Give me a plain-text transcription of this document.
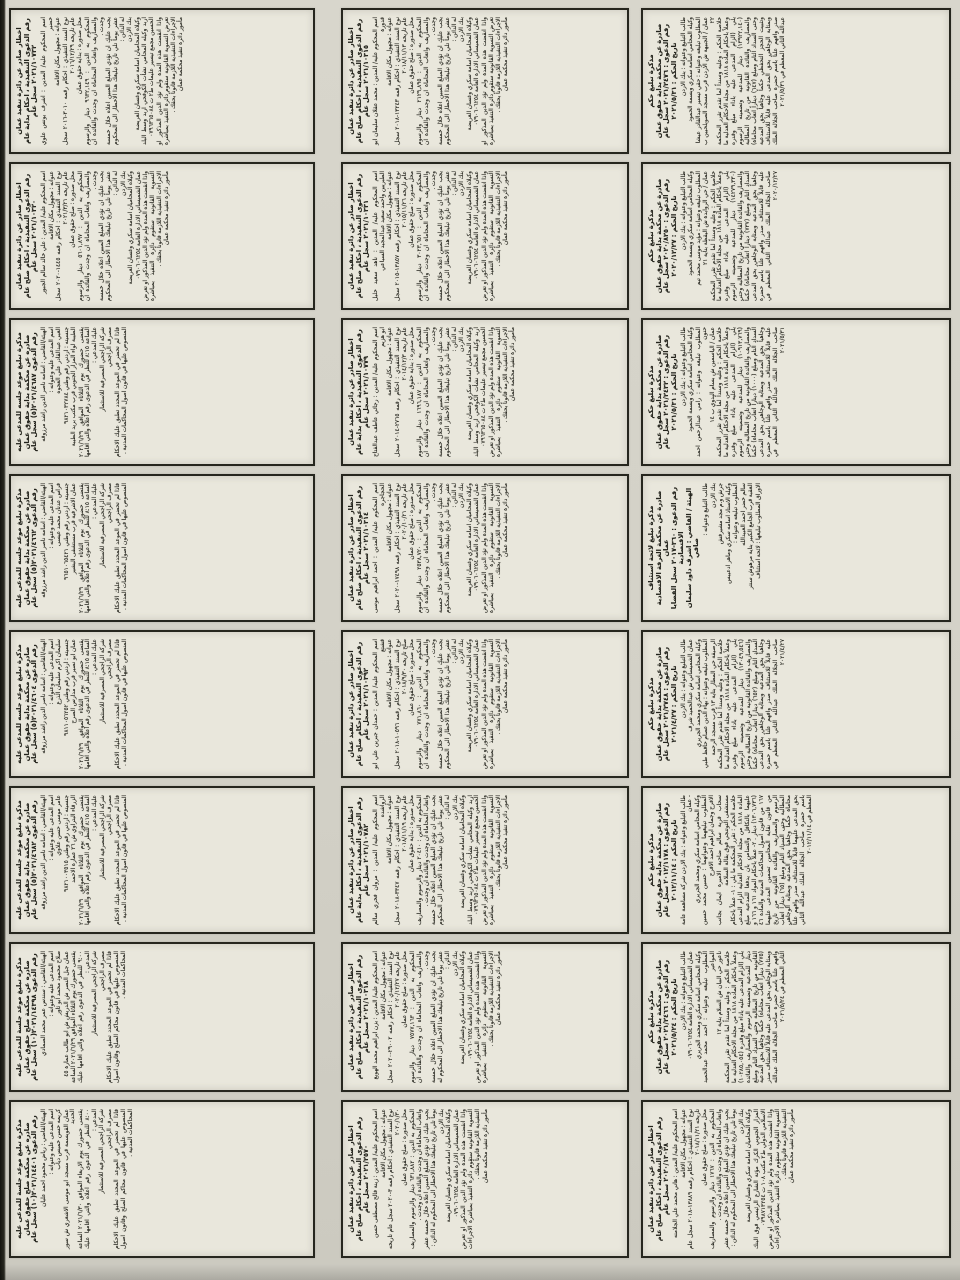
مذكرة تبليغ حكم صادرة عن محكمة بداية حقوق عمان رقم الدعوى : ٢٠٢١/٢٤٧٦ سجل عام
تاريخ الحكم : ٢٠٢١/٥/٣١ طالب التبليغ وعنوانه : بنك الاردن وكيله المحامي اسامة سكري وبسمة الحمود المطلوب تبليغه وعنوانه : حقي تيسير عبدالقادر عيشا عمان / الجبيهة ش الاردن قرب مسجد الصويلحيين ب ٢٢ خلاصة الحكم : وعليه وسنداً لما تقدم تقرر المحكمة وعملاً باحكام المادة ١٨١٨ من مجلة الاحكام العدلية ما يلي (الزام المدعى عليه باداء مبلغ وقدره (١٣٩٢٢,١٤٠) دينار للمدعية وتضمينه الرسوم والمصاريف والفائدة القانونية من تاريخ المطالبة وحتى السداد التام ومبلغ (٦٤٧) ديناراً اتعاب محاماة) وتثبيت الحجز التحفظي حكماً وجاهياً بحق المدعية وبمثابة الوجاهي بحق المدعى عليه قابلاً للاستئناف صدر وافهم علناً باسم حضرة صاحب الجلالة الملك عبدالله الثاني المعظم في ٢٠٢١/٥/٣١
اخطار صادر عن دائرة تنفيذ عمان رقم الدعوى التنفيذية ، احكام صلح عام ٢٠٢١/١٠٣١٥ سجل عام اسم المحكوم عليه/ المدين : محمد عقلان سليمان ابو قدورة عنوانه : مجهول مكان الاقامة
نوع السند التنفيذي : احكام رقمه ١٣٢٤٣-٢٠١٨ سجل عام تاريخه ٢٠١٨/١١/١٣ محل صدوره : صلح حقوق عمان
المحكوم به الدين : ٢١٢٩,٨٩٥ دينار والرسوم والمصاريف واتعاب المحاماة ان وجدت والفائدة ان وجدت . يجب عليك ان تؤدي المبلغ المبين اعلاه خلال خمسة عشر يوماً تلي تاريخ تبليغك هذا الاخطار الى المحكوم له الدائن : بنك الاردن وكيلاه المحاميان اسامة سكري وغسان العريضة عمان الشميساني الادارة العامة ٠٧٩٠٦٠٦٢٥٤ واذا انقضت هذه المدة ولم تؤد الدين المذكور او تعرض التسوية القانونية ستقوم دائرة التنفيذ بمباشرة الاجراءات التنفيذية اللازمة قانوناً بحقك . مأمور دائرة تنفيذ محكمة عمان
اخطار صادر عن دائرة تنفيذ عمان رقم الدعوى التنفيذية ، احكام بداية عام ٢٠٢١/١٠٧٣٢ سجل عام اسم المحكوم عليه/ المدين : اشرف يونس علوي خضير عنوانه : مجهول مكان الاقامة
نوع السند التنفيذي : احكام رقمه ٣٠١٠-٢٠١٦ سجل عام تاريخه ٢٠١٦/١٢/٢٩ محل صدوره : بداية حقوق عمان
المحكوم به الدين : ٩٦٣٢,١٤٩ دينار والرسوم والمصاريف واتعاب المحاماة ان وجدت والفائدة ان وجدت . يجب عليك ان تؤدي المبلغ المبين اعلاه خلال خمسة عشر يوماً تلي تاريخ تبليغك هذا الاخطار الى المحكوم له الدائن : بنك الاردن وكيلاه المحاميان اسامة سكري وغسان العريضة اربد وكيله المحامي نشأت الكوفحي اربد وسط البلد الحسين مجمع تيسير عليمات ط٢ ت ٠٧٩٦٣٦٥٠٨٤ واذا انقضت هذه المدة ولم تؤد الدين المذكور او تعرض التسوية القانونية ستقوم دائرة التنفيذ بمباشرة الاجراءات التنفيذية اللازمة قانوناً بحقك . مأمور دائرة تنفيذ محكمة عمان
مذكرة تبليغ حكم صادرة عن محكمة بداية حقوق عمان رقم الدعوى : ٢٠٢٠/٨٢٥٠ سجل عام
تاريخ الحكم : ٢٠٢٠/١٢/٢٧ طالب التبليغ وعنوانه : بنك الاردن وكيله المحامي اسامة سكري وبسمة الحمود المطلوب تبليغه وعنوانه : مؤيد موسى محمد تيم عمان / حي الروابدة ش اليقظة بناية ٢١ خلاصة الحكم : وعليه وسنداً لما تقدم تقرر المحكمة وعملاً باحكام المادة ١٨١٨ من مجلة الاحكام العدلية ما يلي (الزام المدعى عليه باداء مبلغ وقدره (١٤٢٧٩,٣٣٠) دينار للمدعية وتضمينه الرسوم والمصاريف والفائدة القانونية من تاريخ المطالبة وحتى السداد التام ومبلغ (٧٣٧) ديناراً اتعاب محاماة) حكماً وجاهياً بحق المدعية وبمثابة الوجاهي بحق المدعى عليه قابلاً للاستئناف صدر وافهم علناً باسم حضرة صاحب الجلالة الملك عبدالله الثاني المعظم في ٢٠٢٠/١٢/٢٧
اخطار صادر عن دائرة تنفيذ عمان رقم الدعوى التنفيذية ، احكام صلح عام ٢٠٢١/١٠٣٣١ سجل عام اسم المحكوم عليه/ المدين : ناهد سعيد خليل الطبريين واحمد سعيد عبدالمجيد السباعي عنوانه : مجهول مكان الاقامة
نوع السند التنفيذي : احكام رقمه ١٣٨٥٧-٢٠١٥ سجل عام تاريخه ٢٠١٥/١١/٢٦ محل صدوره : صلح حقوق عمان
المحكوم به الدين : ٣٠٢٣,٦٥١ دينار والرسوم والمصاريف واتعاب المحاماة ان وجدت والفائدة ان وجدت . يجب عليك ان تؤدي المبلغ المبين اعلاه خلال خمسة عشر يوماً تلي تاريخ تبليغك هذا الاخطار الى المحكوم له الدائن : بنك الاردن وكيلاه المحاميان اسامة سكري وغسان العريضة عمان الشميساني الادارة العامة ٠٧٩٠٦٠٦٢٥٤ واذا انقضت هذه المدة ولم تؤد الدين المذكور او تعرض التسوية القانونية ستقوم دائرة التنفيذ بمباشرة الاجراءات التنفيذية اللازمة قانوناً بحقك . مأمور دائرة تنفيذ محكمة عمان
اخطار صادر عن دائرة تنفيذ عمان رقم الدعوى التنفيذية ، احكام صلح عام ٢٠٢١/١٠٣٢٠ سجل عام اسم المحكوم عليه/ المدين : علي خالد سالم الجبور عنوانه : مجهول مكان الاقامة
نوع السند التنفيذي : احكام رقمه ١٤٤٥-٢٠٢٠ سجل عام تاريخه ٢٠٢١/٣/٢١ محل صدوره : صلح حقوق عمان
المحكوم به الدين : ٥٦٠١,٨٩٧ دينار والرسوم والمصاريف واتعاب المحاماة ان وجدت والفائدة ان وجدت . يجب عليك ان تؤدي المبلغ المبين اعلاه خلال خمسة عشر يوماً تلي تاريخ تبليغك هذا الاخطار الى المحكوم له الدائن : بنك الاردن وكيلاه المحاميان اسامة سكري وغسان العريضة عمان الشميساني الادارة العامة ٠٧٩٠٦٠٦٢٥٤ واذا انقضت هذه المدة ولم تؤد الدين المذكور او تعرض التسوية القانونية ستقوم دائرة التنفيذ بمباشرة الاجراءات التنفيذية اللازمة قانوناً بحقك . مأمور دائرة تنفيذ محكمة عمان
مذكرة تبليغ حكم صادرة عن محكمة بداية حقوق عمان رقم الدعوى : ٢٠٢١/٢٤٣٢ سجل عام
تاريخ الحكم : ٢٠٢١/٥/٣١ طالب التبليغ وعنوانه : بنك الاردن وكيله المحامي اسامة سكري وبسمة الحمود المطلوب تبليغه وعنوانه : رامي عبدالرحمن احمد حنون
عمان / الياسمين ش بسام البدوي ب ١٤ خلاصة الحكم : وعليه وسنداً لما تقدم تقرر المحكمة وعملاً باحكام المادة ١٨١٨ من مجلة الاحكام العدلية ما يلي (الزام المدعى عليه باداء مبلغ وقدره (١٠٩١٣,٧٦٩) دينار للمدعية وتضمينه الرسوم والمصاريف والفائدة القانونية من تاريخ المطالبة وحتى السداد التام ومبلغ (١٠٠٠) ديناراً اتعاب محاماة) حكماً وجاهياً بحق المدعية وبمثابة الوجاهي بحق المدعى عليه قابلاً للاستئناف صدر وافهم علناً باسم حضرة صاحب الجلالة الملك عبدالله الثاني المعظم في ٢٠٢١/٥/٣١
اخطار صادر عن دائرة تنفيذ عمان رقم الدعوى التنفيذية ، احكام بداية عام ٢٠٢١/١٠٧٧٩ سجل عام اسم المحكوم عليه/ المدين : رجائي عاطف عبدالفتاح ابو هزيم عنوانه : مجهول مكان الاقامة
نوع السند التنفيذي : احكام رقمه ٢٧٦٥-٢٠١٤ سجل عام تاريخه ٢٠١٤/١٢/٣ محل صدوره : بداية حقوق عمان
المحكوم به الدين : ١٦٩٦,١٨٧ دينار والرسوم والمصاريف واتعاب المحاماة ان وجدت والفائدة ان وجدت . يجب عليك ان تؤدي المبلغ المبين اعلاه خلال خمسة عشر يوماً تلي تاريخ تبليغك هذا الاخطار الى المحكوم له الدائن : بنك الاردن وكيلاه المحاميان اسامة سكري وغسان العريضة اربد وكيله المحامي نشأت الكوفحي اربد وسط البلد الحسين مجمع تيسير عليمات ط٢ ت ٠٧٩٦٣٦٥٠٨٤ واذا انقضت هذه المدة ولم تؤد الدين المذكور او تعرض التسوية القانونية ستقوم دائرة التنفيذ بمباشرة الاجراءات التنفيذية اللازمة قانوناً بحقك . مأمور دائرة تنفيذ محكمة عمان
مذكرة تبليغ موعد جلسه للمدعى عليه صادره عن محكمة بداية حقوق عمان رقم الدعوى ٢٠٢١/٤٦٨٧(٥) سجل عام الهيئة/القاضي : اسامه ناصر الدين راشد مرزوقه اسم المدعى عليه وعنوانه : العبي عبدالقادر علي العجوه
جنسيته : اردني رقم وطني ٩٨٢١٠٣٢٧٨٤ الطيبة لواء المزار الجنوبي قرب مكتب بريد الطيبة يقتضى حضورك يوم الثلاثاء الموافق ٢٠٢١/٦/٢٩ الساعة ٨:١٥ للنظر في الدعوى رقم اعلاه والتي اقامها عليك المدعي : شركة الراجحي المصرفية للاستثمار مصرف الراجحي فاذا لم تحضر في الموعد المحدد تطبق عليك الاحكام المنصوص عليها في قانون اصول المحاكمات المدنية .
مذكرة تبليغ لائحة استئناف صادرة عن محكمة الغرفة الاقتصادية عمان
رقم الدعوى : ٣٦٠-٢٠١٧ سجل القضايا الاقتصادية الهيئة / القاضي : اشرف داود سليمان صافي
طالب التبليغ وعنوانه : بنك الاردن جرش و.م مجد مشيرفش وكيله الاستاذ اسامه سكري وماهر ادعيبس المطلوب تبليغه وعنوانه : سالم خضر احمد العبيدالله العقبة قرب الجامع الكبير بناية مرهوش سنتر الاوراق المطلوب تبليغها : لائحة استئناف
اخطار صادر عن دائرة تنفيذ عمان رقم الدعوى التنفيذية ، احكام صلح عام ٢٠٢١/١٠٣١٤ سجل عام اسم المحكوم عليه/ المدين : احمد ابراهيم موسى الحجاجره عنوانه : مجهول مكان الاقامة
نوع السند التنفيذي : احكام رقمه ١٧٤٩٨-٢٠٢٠ سجل عام تاريخه ٢٠٢٠/١٠/٢١ محل صدوره : صلح حقوق عمان
المحكوم به الدين : ٢٥٣٨,٧٢٠ دينار والرسوم والمصاريف واتعاب المحاماة ان وجدت والفائدة ان وجدت . يجب عليك ان تؤدي المبلغ المبين اعلاه خلال خمسة عشر يوماً تلي تاريخ تبليغك هذا الاخطار الى المحكوم له الدائن : بنك الاردن وكيلاه المحاميان اسامة سكري وغسان العريضة عمان الشميساني الادارة العامة ٠٧٩٠٦٠٦٢٥٤ واذا انقضت هذه المدة ولم تؤد الدين المذكور او تعرض التسوية القانونية ستقوم دائرة التنفيذ بمباشرة الاجراءات التنفيذية اللازمة قانوناً بحقك . مأمور دائرة تنفيذ محكمة عمان
مذكرة تبليغ موعد جلسه للمدعى عليه صادره عن محكمة بداية حقوق عمان رقم الدعوى ٢٠٢١/٤٦٦٢(٥) سجل عام الهيئة/القاضي : اسامه ناصر الدين راشد مرزوقه اسم المدعى عليه وعنوانه : فراس عدنان محمد عيسى
جنسيته : اردني رقم وطني ٩٦٥١٠٦٥٤٢١ عمان الاشرفية قرب مستشفى البشير
يقتضى حضورك يوم الثلاثاء الموافق ٢٠٢١/٦/٢٩ الساعة ٨:١٥ للنظر في الدعوى رقم اعلاه والتي اقامها عليك المدعي : شركة الراجحي المصرفية للاستثمار مصرف الراجحي فاذا لم تحضر في الموعد المحدد تطبق عليك الاحكام المنصوص عليها في قانون اصول المحاكمات المدنية .
مذكرة تبليغ حكم صادرة عن محكمة بداية حقوق عمان رقم الدعوى : ٢٠٢١/٢٧٤٨ سجل عام
تاريخ الحكم : ٢٠٢١/٤/٢٧ طالب التبليغ وعنوانه : بنك الاردن عمان الشميساني ش عبدالحميد شرف وكيله المحامي اسامة سكري ومحمد الجريري المطلوب تبليغه وعنوانه : بهاء الدين عصام حافظ طبي الرصيفة حي المطار بناية ١٣ قرب مسجد الرحمة خلاصة الحكم : وعليه وسنداً لما تقدم تقرر المحكمة وعملاً باحكام المادة ١٨١٨ من مجلة الاحكام العدلية ما يلي (الزام المدعى عليه باداء مبلغ وقدره (١٣٠٤٩,٥٤٦) دينار للمدعية وتضمينه الرسوم والمصاريف والفائدة القانونية من تاريخ المطالبة وحتى السداد التام ومبلغ (٦٥٢) ديناراً اتعاب محاماة) حكماً وجاهياً بحق المدعية وبمثابة الوجاهي بحق المدعى عليه قابلاً للاستئناف صدر وافهم علناً باسم حضرة صاحب الجلالة الملك عبدالله الثاني المعظم في ٢٠٢١/٤/٢٧
اخطار صادر عن دائرة تنفيذ عمان رقم الدعوى التنفيذية ، احكام صلح عام ٢٠٢١/١٠٣٩٢ سجل عام اسم المحكوم عليه/ المدين : حمدان جبرين علي ابو قشتع عنوانه : مجهول مكان الاقامة
نوع السند التنفيذي : احكام رقمه ١٠٥٩٦-٢٠١٨ سجل صلح تاريخه ٢٠١٨/٩/٣٠ محل صدوره : صلح حقوق عمان
المحكوم به الدين : ٧٧١,٨٦٠ دينار والرسوم والمصاريف واتعاب المحاماة ان وجدت والفائدة ان وجدت . يجب عليك ان تؤدي المبلغ المبين اعلاه خلال خمسة عشر يوماً تلي تاريخ تبليغك هذا الاخطار الى المحكوم له الدائن : بنك الاردن وكيلاه المحاميان اسامة سكري وغسان العريضة عمان الشميساني الادارة العامة ٠٧٩٠٦٠٦٢٥٤ واذا انقضت هذه المدة ولم تؤد الدين المذكور او تعرض التسوية القانونية ستقوم دائرة التنفيذ بمباشرة الاجراءات التنفيذية اللازمة قانوناً بحقك . مأمور دائرة تنفيذ محكمة عمان
مذكرة تبليغ موعد جلسه للمدعى عليه صادره عن محكمة بداية حقوق عمان رقم الدعوى ٢٠٢١/٤٦٠٤(٥) سجل عام الهيئة/القاضي : اسامه ناصر الدين راشد مرزوقه اسم المدعى عليه وعنوانه : سليمان اكرم سليمان الذرع
جنسيته : اردني رقم وطني ٩٨١١٠٥٦٢٥٢ عمان ابو نصير قرب مدارس الصرح
يقتضى حضورك يوم الثلاثاء الموافق ٢٠٢١/٦/٢٩ الساعة ٨:١٥ للنظر في الدعوى رقم اعلاه والتي اقامها عليك المدعي : شركة الراجحي المصرفية للاستثمار مصرف الراجحي فاذا لم تحضر في الموعد المحدد تطبق عليك الاحكام المنصوص عليها في قانون اصول المحاكمات المدنية .
مذكرة تبليغ حكم صادرة عن محكمة بداية حقوق عمان رقم الدعوى : ٢٠١٢/١١٧٨ سجل عام
تاريخ الحكم : ٢٠١٢/١١/١٤ طالب التبليغ وعنوانه : بنك الاردن شركة مساهمة عامة - عمان وكيله المحامي اسامة سكري ومحمد الجريري المطلوب تبليغهما وعنوانهما : حسين محمد حسين الافرح وجمان ابراهيم احمد الافرح سحاب قرية سالم ضاحية الاميرة ايمان بجانب مستشفى التوتنجي فوق بقالة السلامة
خلاصة الحكم : تقرر المحكمة ما يلي : ١- عملاً باحكام المادة ١٨١٨ من مجلة الاحكام العدلية الزام المدعى عليهما بالتكافل والتضامن بان يدفعا للمدعية مبلغ (١٣٠٦,٧٣٦) دينار . ٢- عملاً باحكام المواد ١٦١ و ١٦٦ و ١٦٧ من قانون اصول المحاكمات المدنية والمادة ٤٦ من قانون نقابة المحامين تضمين المدعى عليهما الرسوم والمصاريف والفائدة القانونية من تاريخ المطالبة وحتى السداد التام ومبلغ (٦٥) ديناراً اتعاب محاماة حكماً وجاهياً بحق المدعية وبمثابة الوجاهي بحق المدعى عليهما قابلاً للاستئناف صدر وافهم علناً باسم حضرة صاحب الجلالة الملك عبدالله الثاني المعظم في ٢٠١٢/١١/١٤
اخطار صادر عن دائرة تنفيذ عمان رقم الدعوى التنفيذية ، احكام بداية عام ٢٠٢١/١٠٧٨٢ سجل عام اسم المحكوم عليه/ المدين : مروان فخري سالم الرواشده عنوانه : مجهول مكان الاقامة
نوع السند التنفيذي : احكام رقمه ٣٣٤٧-٢٠١٨ سجل عام تاريخه ٢٠١٨/١١/١٩ محل صدوره : بداية حقوق عمان
المحكوم به الدين : ٢٠٤١٠ دينار والرسوم والمصاريف واتعاب المحاماة ان وجدت والفائدة ان وجدت . يجب عليك ان تؤدي المبلغ المبين اعلاه خلال خمسة عشر يوماً تلي تاريخ تبليغك هذا الاخطار الى المحكوم له الدائن : بنك الاردن وكيلاه المحاميان اسامة سكري وغسان العريضة اربد وكيله المحامي نشأت الكوفحي اربد وسط البلد الحسين مجمع تيسير عليمات ط٢ ت ٠٧٩٦٣٦٥٠٨٤ واذا انقضت هذه المدة ولم تؤد الدين المذكور او تعرض التسوية القانونية ستقوم دائرة التنفيذ بمباشرة الاجراءات التنفيذية اللازمة قانوناً بحقك . مأمور دائرة تنفيذ محكمة عمان
مذكرة تبليغ موعد جلسه للمدعى عليه صادره عن محكمة بداية حقوق عمان رقم الدعوى ٢٠٢١/٤٦٨٢(٥) سجل عام الهيئة/القاضي : اسامه ناصر الدين راشد مرزوقه اسم المدعى عليه وعنوانه : عامر موسى حسن علاوي
جنسيته : اردني رقم وطني ٩٨٢١٠٠٣٥١٥
الزرقاء البتراوي ش ٢٦ عمارة الاحمد
يقتضى حضورك يوم الثلاثاء الموافق ٢٠٢١/٦/٢٩ الساعة ٨:١٥ للنظر في الدعوى رقم اعلاه والتي اقامها عليك المدعي : شركة الراجحي المصرفية للاستثمار مصرف الراجحي فاذا لم تحضر في الموعد المحدد تطبق عليك الاحكام المنصوص عليها في قانون اصول المحاكمات المدنية .
مذكرة تبليغ حكم صادرة عن محكمة بداية حقوق عمان رقم الدعوى : ٢٠٢١/٢٤٦٦ سجل عام
تاريخ الحكم : ٢٠٢١/٥/٢٤ طالب التبليغ وعنوانه : بنك الاردن
عمان الشميساني الادارة العامة ٠٧٩٠٦٠٦٢٥٤ وكيله المحامي اسامة سكري ومحمد الجريري المطلوب تبليغه وعنوانه : احمد محمد عبدالحميد المواعير
ناعور حي البيان ش السلام بناية ١٢ خلاصة الحكم : وعليه وسنداً لما تقدم تقرر المحكمة وعملاً باحكام المادة ١٨١٨ من مجلة الاحكام العدلية ما يلي (الزام المدعى عليه باداء مبلغ وقدره (١٠٢٨٥,٠٥٤) دينار للمدعية وتضمينه الرسوم والمصاريف والفائدة القانونية من تاريخ المطالبة وحتى السداد التام ومبلغ (٧٧٥) ديناراً اتعاب محاماة) حكماً وجاهياً بحق المدعية وبمثابة الوجاهي بحق المدعى عليه قابلاً للاستئناف صدر وافهم علناً باسم حضرة صاحب الجلالة الملك عبدالله الثاني المعظم في ٢٠٢١/٥/٢٤
اخطار صادر عن دائرة تنفيذ عمان رقم الدعوى التنفيذية ، احكام صلح عام ٢٠٢١/١٠٣١٨ سجل عام اسم المحكوم عليه/ المدين : يزن ابراهيم محمد الهويع عنوانه : مجهول مكان الاقامة
نوع السند التنفيذي : احكام رقمه ٢٩٠٠٢-٢٠٢٠ سجل عام تاريخه ٢٠٢٠/١٢/٢٧ محل صدوره : صلح حقوق عمان
المحكوم به الدين : ٧٥٧٧,١٦٣ دينار والرسوم والمصاريف واتعاب المحاماة ان وجدت والفائدة ان وجدت . يجب عليك ان تؤدي المبلغ المبين اعلاه خلال خمسة عشر يوماً تلي تاريخ تبليغك هذا الاخطار الى المحكوم له الدائن : بنك الاردن وكيلاه المحاميان اسامة سكري وغسان العريضة عمان الشميساني الادارة العامة ٠٧٩٠٦٠٦٢٥٤ واذا انقضت هذه المدة ولم تؤد الدين المذكور او تعرض التسوية القانونية ستقوم دائرة التنفيذ بمباشرة الاجراءات التنفيذية اللازمة قانوناً بحقك . مأمور دائرة تنفيذ محكمة عمان
مذكرة تبليغ موعد جلسة للمدعى عليه صادره عن محكمة صلح حقوق عمان رقم الدعوى ٢٠٢١/١٤٣٩٨(١٠) سجل عام الهيئة/القاضي : سندس عمر محمد الصمادي اسم المدعى عليه وعنوانه : صلاح محمود محمد ابو ثاور
عمان جبل النصر ش الدريش ش ابو طالب عمارة ٤٥
يقتضى حضورك يوم الثلاثاء الموافق ٢٠٢١/٦/٢٩ الساعة ٩:٠٠ للنظر في الدعوى رقم اعلاه والتي اقامها عليك المدعي : شركة الراجحي المصرفية للاستثمار مصرف الراجحي فاذا لم تحضر في الموعد المحدد تطبق عليك الاحكام المنصوص عليها في قانون محاكم الصلح وقانون اصول المحاكمات المدنية .
اخطار صادر عن دائرة تنفيذ عمان رقم الدعوى التنفيذية ، احكام صلح عام ٢٠٢٠/١٣٠٢٨ سجل عام اسم المحكوم عليه/ المدين : هاني محمد علي الجلامنه عنوانه : مجهول مكان الاقامة
نوع السند التنفيذي : احكام رقمه ١٣٨٨٩-٢٠١٨ سجل عام تاريخه ٢٠١٨/١١/٢١ محل صدوره : صلح حقوق عمان
المحكوم به الدين : ١٧٦٧ دينار والرسوم والمصاريف واتعاب المحاماة ان وجدت والفائدة ان وجدت . يجب عليك ان تؤدي المبلغ المبين اعلاه خلال خمسة عشر يوماً تلي تاريخ تبليغك هذا الاخطار الى المحكوم له الدائن : بنك الاردن وكيلاه المحاميان اسامة سكري وغسان العريضة المزار الجنوبي الكرك مؤتة الشارع الرئيسي فوق البنك الاسلامي الدولي ط٢ مكتب ١٠٨ ت ٠٧٩٨٧١٣٢٥٤ واذا انقضت هذه المدة ولم تؤد الدين المذكور او تعرض التسوية القانونية ستقوم دائرة التنفيذ بمباشرة الاجراءات التنفيذية اللازمة قانوناً بحقك . مأمور دائرة تنفيذ محكمة عمان
اخطار صادر عن دائرة تنفيذ عمان رقم الدعوى التنفيذية ، احكام صلح عام ٢٠٢١/٢٥٧٠ سجل عام اسم المحكوم عليه/ المدين : زينة فالح مصطفى حسن عنوانه : مجهول مكان الاقامة
نوع السند التنفيذي : احكام رقمه ٣-٢٠٢٠ سجل عام تاريخه ٢٠٢٠/١/٣٠ محل صدوره : صلح حقوق عمان
المحكوم به الدين : ٦٣١,٨٨٢ دينار والرسوم والمصاريف واتعاب المحاماة ان وجدت والفائدة ان وجدت . يجب عليك ان تؤدي المبلغ المبين اعلاه خلال خمسة عشر يوماً تلي تاريخ تبليغك هذا الاخطار الى المحكوم له الدائن : بنك الاردن وكيلاه المحاميان اسامة سكري وغسان العريضة عمان الشميساني الادارة العامة ٠٧٩٠٦٠٦٢٥٤ واذا انقضت هذه المدة ولم تؤد الدين المذكور او تعرض التسوية القانونية ستقوم دائرة التنفيذ بمباشرة الاجراءات التنفيذية اللازمة قانوناً بحقك . مأمور دائرة تنفيذ محكمة عمان
مذكرة تبليغ موعد جلسة للمدعى عليه صادره عن محكمة صلح حقوق عمان رقم الدعوى ٢٠٢١/١٤٤٠١(١٠) سجل عام الهيئة/القاضي : رياض محمود احمد عليان اسم المدعى عليه وعنوانه : كريمه حسن خميس دياب عمان القويسمة قرب مسجد ابو موسى الاشعري ش سور الحديد
يقتضى حضورك يوم الاربعاء الموافق ٢٠٢١/٦/٣٠ الساعة ٨:٠٠ للنظر في الدعوى رقم اعلاه والتي اقامها عليك المدعي : شركة الراجحي المصرفية للاستثمار مصرف الراجحي فاذا لم تحضر في الموعد المحدد تطبق عليك الاحكام المنصوص عليها في قانون محاكم الصلح وقانون اصول المحاكمات المدنية .
